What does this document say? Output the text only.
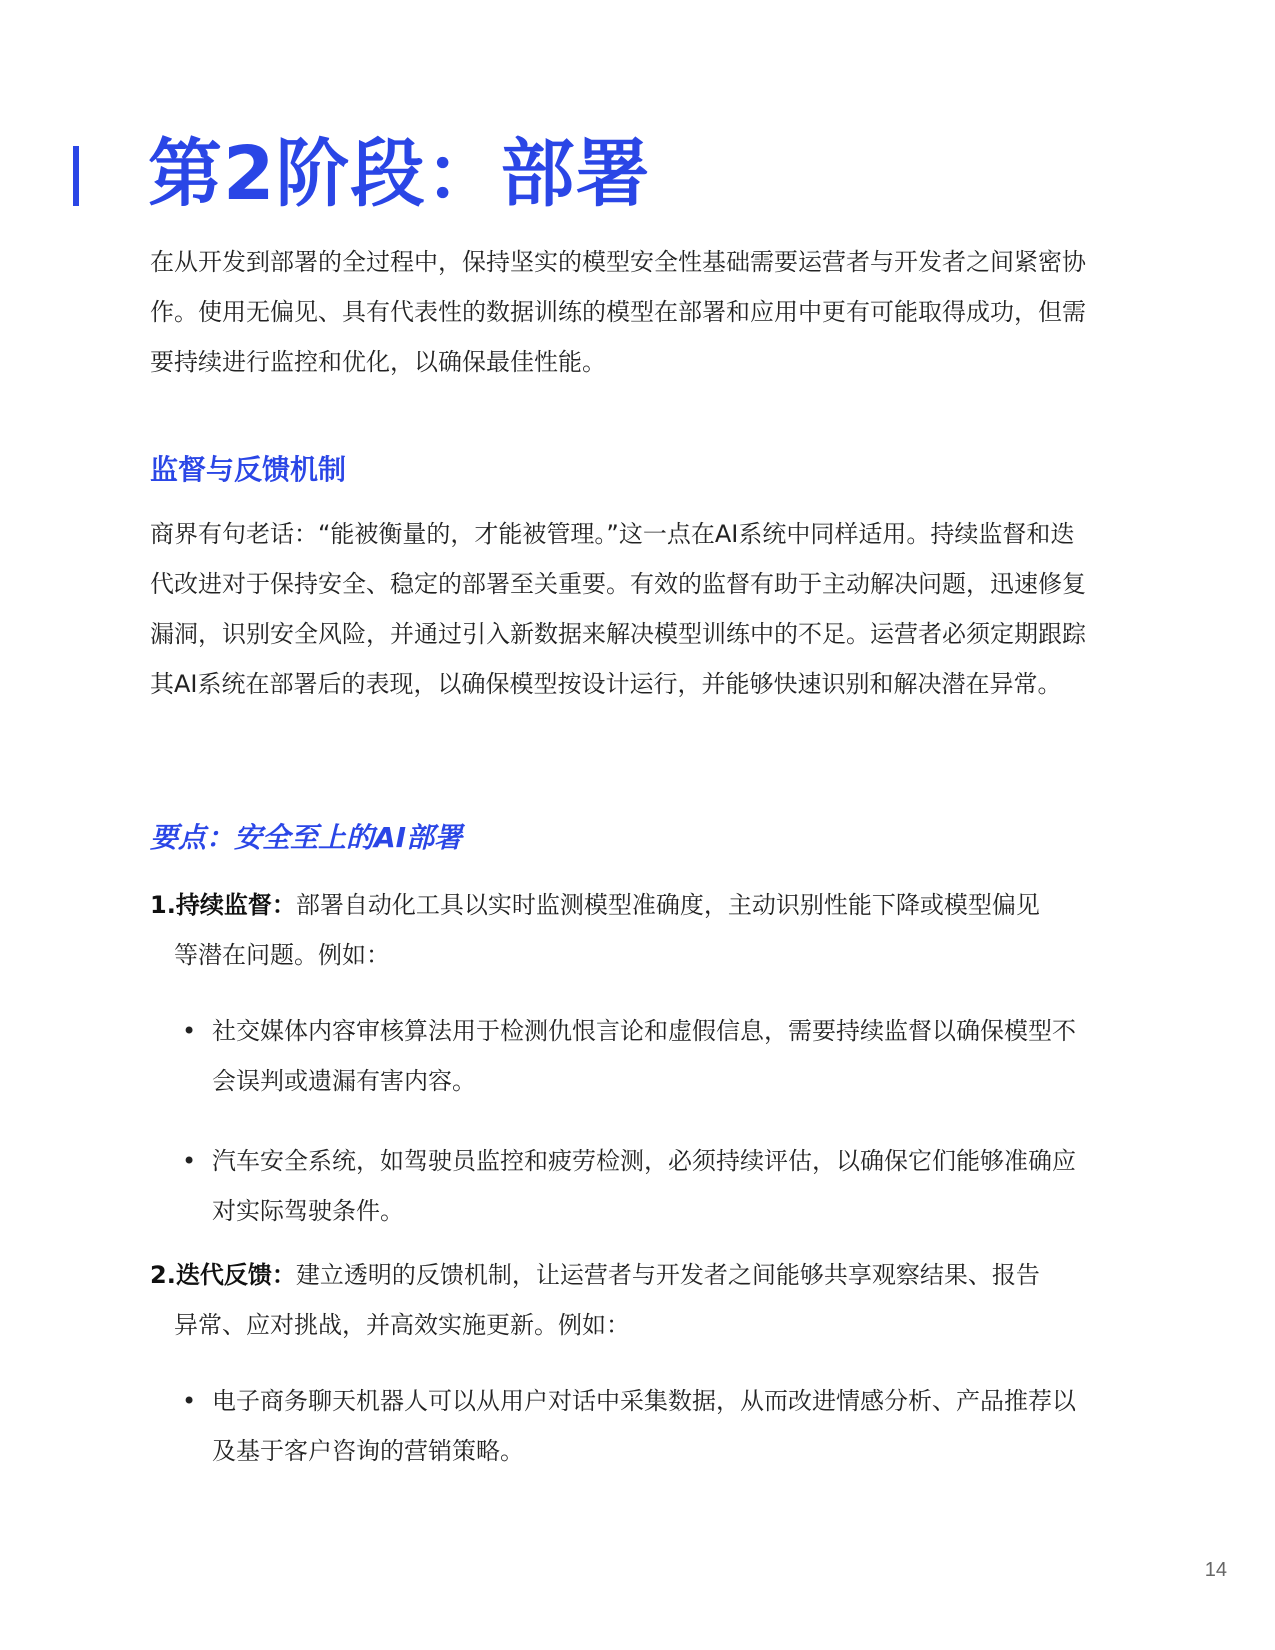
第2阶段：部署

在从开发到部署的全过程中，保持坚实的模型安全性基础需要运营者与开发者之间紧密协作。使用无偏见、具有代表性的数据训练的模型在部署和应用中更有可能取得成功，但需要持续进行监控和优化，以确保最佳性能。

监督与反馈机制

商界有句老话：“能被衡量的，才能被管理。”这一点在AI系统中同样适用。持续监督和迭代改进对于保持安全、稳定的部署至关重要。有效的监督有助于主动解决问题，迅速修复漏洞，识别安全风险，并通过引入新数据来解决模型训练中的不足。运营者必须定期跟踪其AI系统在部署后的表现，以确保模型按设计运行，并能够快速识别和解决潜在异常。

要点：安全至上的AI部署
1.持续监督：部署自动化工具以实时监测模型准确度，主动识别性能下降或模型偏见
等潜在问题。例如：
• 社交媒体内容审核算法用于检测仇恨言论和虚假信息，需要持续监督以确保模型不会误判或遗漏有害内容。
• 汽车安全系统，如驾驶员监控和疲劳检测，必须持续评估，以确保它们能够准确应对实际驾驶条件。
2.迭代反馈：建立透明的反馈机制，让运营者与开发者之间能够共享观察结果、报告
异常、应对挑战，并高效实施更新。例如：
• 电子商务聊天机器人可以从用户对话中采集数据，从而改进情感分析、产品推荐以及基于客户咨询的营销策略。
14
